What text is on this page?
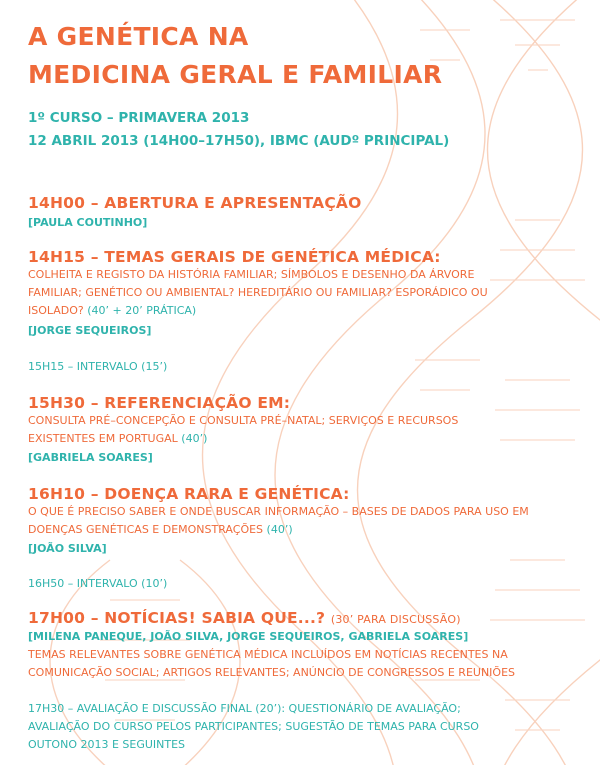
A GENÉTICA NA
MEDICINA GERAL E FAMILIAR
1º CURSO – PRIMAVERA 2013
12 ABRIL 2013 (14H00–17H50), IBMC (AUDº PRINCIPAL)
14H00 – ABERTURA E APRESENTAÇÃO
[PAULA COUTINHO]
14H15 – TEMAS GERAIS DE GENÉTICA MÉDICA:
COLHEITA E REGISTO DA HISTÓRIA FAMILIAR; SÍMBOLOS E DESENHO DA ÁRVORE
FAMILIAR; GENÉTICO OU AMBIENTAL? HEREDITÁRIO OU FAMILIAR? ESPORÁDICO OU
ISOLADO? (40’ + 20’ PRÁTICA)
[JORGE SEQUEIROS]
15H15 – INTERVALO (15’)
15H30 – REFERENCIAÇÃO EM:
CONSULTA PRÉ–CONCEPÇÃO E CONSULTA PRÉ–NATAL; SERVIÇOS E RECURSOS
EXISTENTES EM PORTUGAL (40’)
[GABRIELA SOARES]
16H10 – DOENÇA RARA E GENÉTICA:
O QUE É PRECISO SABER E ONDE BUSCAR INFORMAÇÃO – BASES DE DADOS PARA USO EM
DOENÇAS GENÉTICAS E DEMONSTRAÇÕES (40’)
[JOÃO SILVA]
16H50 – INTERVALO (10’)
17H00 – NOTÍCIAS! SABIA QUE...? (30’ PARA DISCUSSÃO)
[MILENA PANEQUE, JOÃO SILVA, JORGE SEQUEIROS, GABRIELA SOARES]
TEMAS RELEVANTES SOBRE GENÉTICA MÉDICA INCLUÍDOS EM NOTÍCIAS RECENTES NA
COMUNICAÇÃO SOCIAL; ARTIGOS RELEVANTES; ANÚNCIO DE CONGRESSOS E REUNIÕES
17H30 – AVALIAÇÃO E DISCUSSÃO FINAL (20’): QUESTIONÁRIO DE AVALIAÇÃO;
AVALIAÇÃO DO CURSO PELOS PARTICIPANTES; SUGESTÃO DE TEMAS PARA CURSO
OUTONO 2013 E SEGUINTES
